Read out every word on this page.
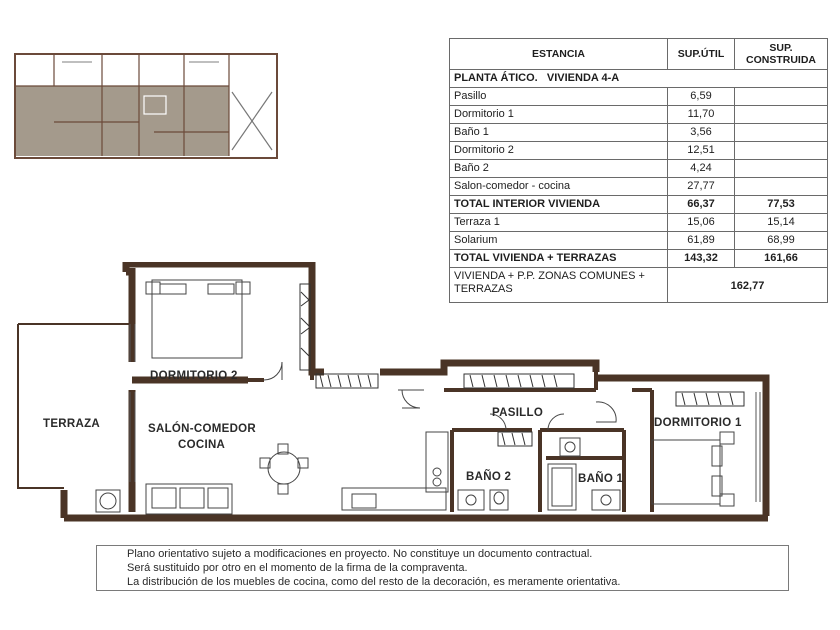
ESTANCIA	SUP.ÚTIL	SUP. CONSTRUIDA
PLANTA ÁTICO.   VIVIENDA 4-A		
Pasillo	6,59	
Dormitorio 1	11,70	
Baño 1	3,56	
Dormitorio 2	12,51	
Baño 2	4,24	
Salon-comedor - cocina	27,77	
TOTAL INTERIOR VIVIENDA	66,37	77,53
Terraza 1	15,06	15,14
Solarium	61,89	68,99
TOTAL VIVIENDA + TERRAZAS	143,32	161,66
VIVIENDA + P.P. ZONAS COMUNES + TERRAZAS	162,77	
DORMITORIO 2
TERRAZA	SALÓN-COMEDOR
COCINA
PASILLO
DORMITORIO 1
BAÑO 2	BAÑO 1
Plano orientativo sujeto a modificaciones en proyecto. No constituye un documento contractual.
Será sustituido por otro en el momento de la firma de la compraventa.
La distribución de los muebles de cocina, como del resto de la decoración, es meramente orientativa.
